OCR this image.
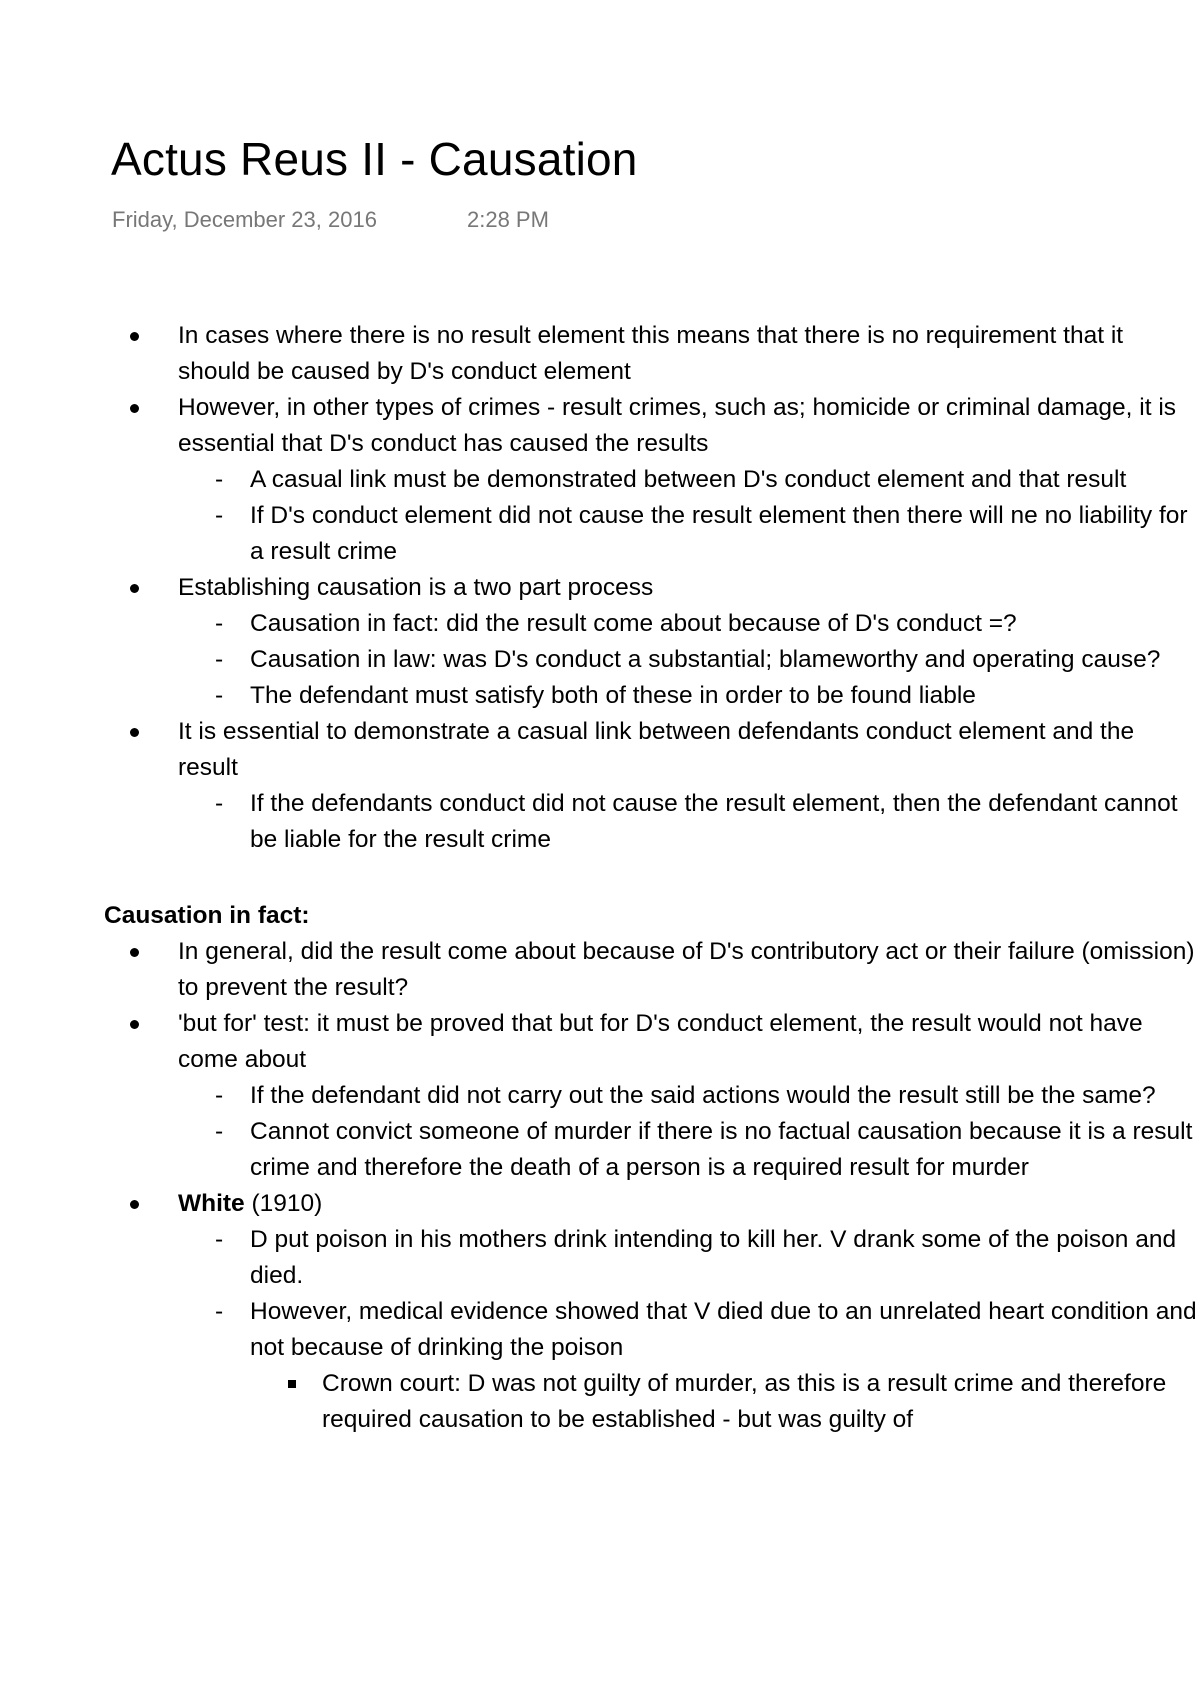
Actus Reus II - Causation
Friday, December 23, 2016	2:28 PM
In cases where there is no result element this means that there is no requirement that it should be caused by D's conduct element
However, in other types of crimes - result crimes, such as; homicide or criminal damage, it is essential that D's conduct has caused the results
- A casual link must be demonstrated between D's conduct element and that result
- If D's conduct element did not cause the result element then there will ne no liability for a result crime
Establishing causation is a two part process
- Causation in fact: did the result come about because of D's conduct =?
- Causation in law: was D's conduct a substantial; blameworthy and operating cause?
- The defendant must satisfy both of these in order to be found liable
It is essential to demonstrate a casual link between defendants conduct element and the result
- If the defendants conduct did not cause the result element, then the defendant cannot be liable for the result crime
Causation in fact:
In general, did the result come about because of D's contributory act or their failure (omission) to prevent the result?
'but for' test: it must be proved that but for D's conduct element, the result would not have come about
- If the defendant did not carry out the said actions would the result still be the same?
- Cannot convict someone of murder if there is no factual causation because it is a result crime and therefore the death of a person is a required result for murder
White (1910)
- D put poison in his mothers drink intending to kill her. V drank some of the poison and died.
- However, medical evidence showed that V died due to an unrelated heart condition and not because of drinking the poison
Crown court: D was not guilty of murder, as this is a result crime and therefore required causation to be established - but was guilty of
